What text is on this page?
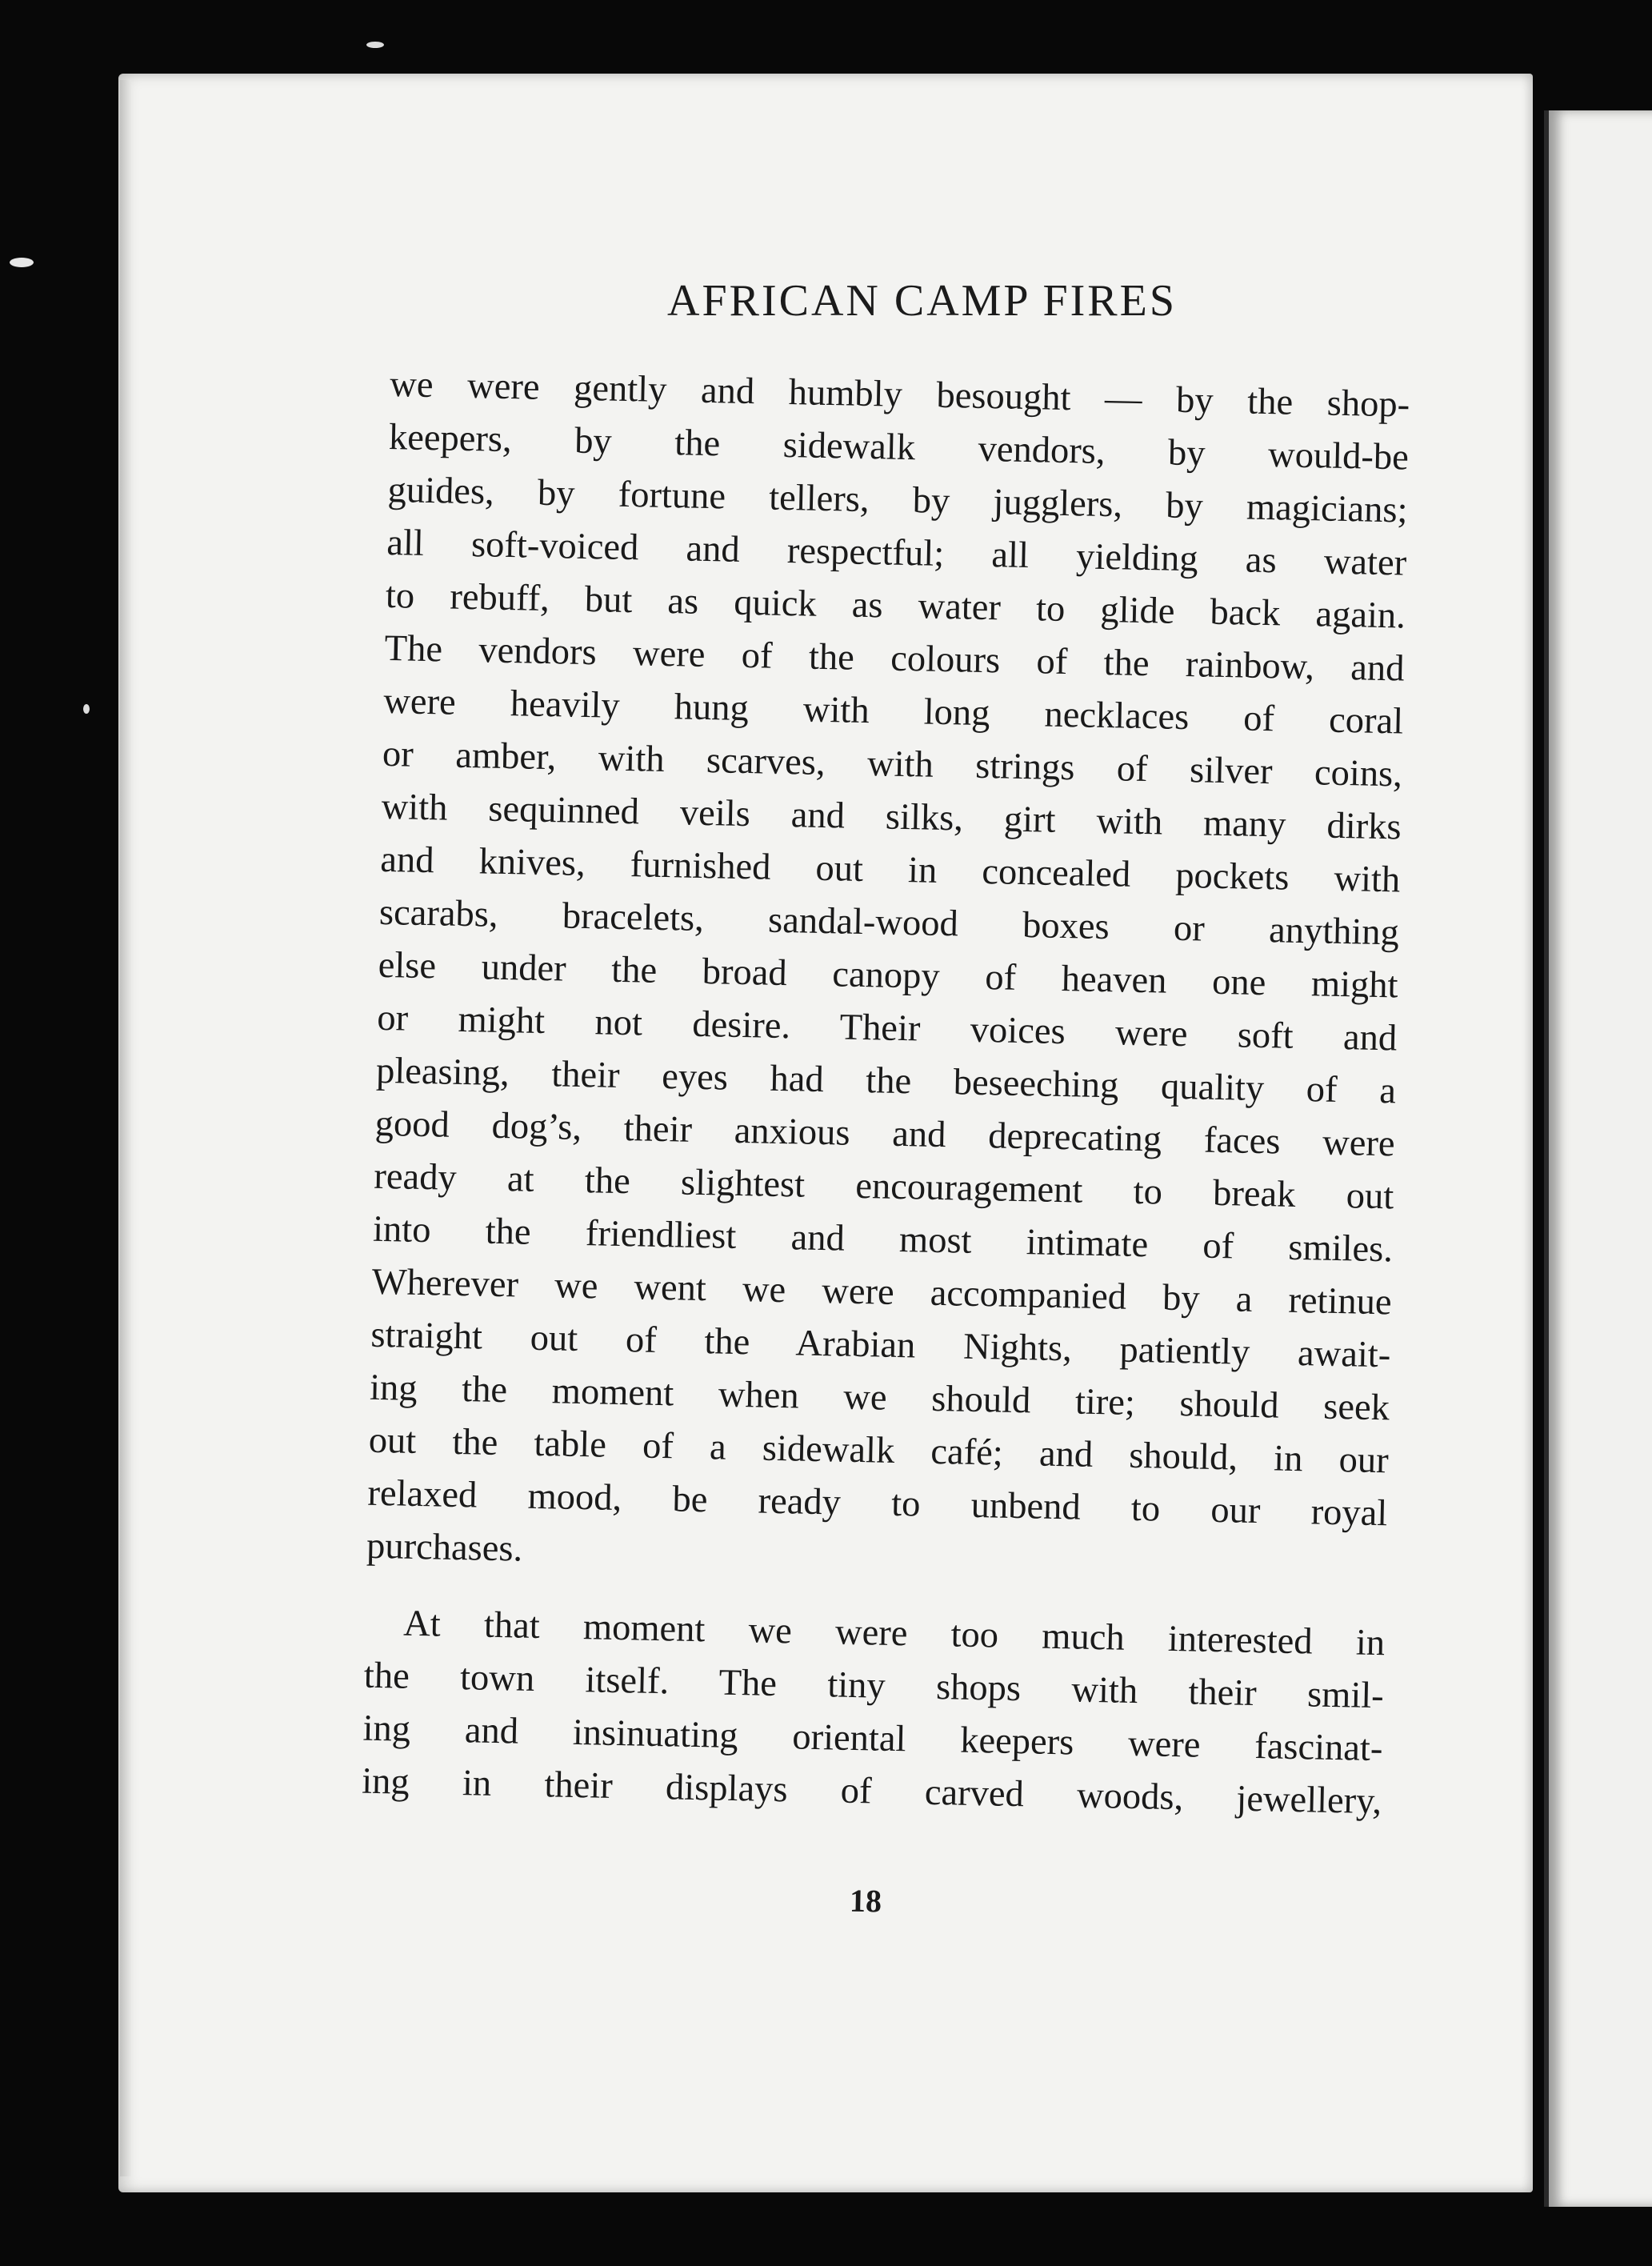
AFRICAN CAMP FIRES
we were gently and humbly besought — by the shop-
keepers, by the sidewalk vendors, by would-be
guides, by fortune tellers, by jugglers, by magicians;
all soft-voiced and respectful; all yielding as water
to rebuff, but as quick as water to glide back again.
The vendors were of the colours of the rainbow, and
were heavily hung with long necklaces of coral
or amber, with scarves, with strings of silver coins,
with sequinned veils and silks, girt with many dirks
and knives, furnished out in concealed pockets with
scarabs, bracelets, sandal-wood boxes or anything
else under the broad canopy of heaven one might
or might not desire. Their voices were soft and
pleasing, their eyes had the beseeching quality of a
good dog’s, their anxious and deprecating faces were
ready at the slightest encouragement to break out
into the friendliest and most intimate of smiles.
Wherever we went we were accompanied by a retinue
straight out of the Arabian Nights, patiently await-
ing the moment when we should tire; should seek
out the table of a sidewalk café; and should, in our
relaxed mood, be ready to unbend to our royal
purchases.
At that moment we were too much interested in
the town itself. The tiny shops with their smil-
ing and insinuating oriental keepers were fascinat-
ing in their displays of carved woods, jewellery,
18
